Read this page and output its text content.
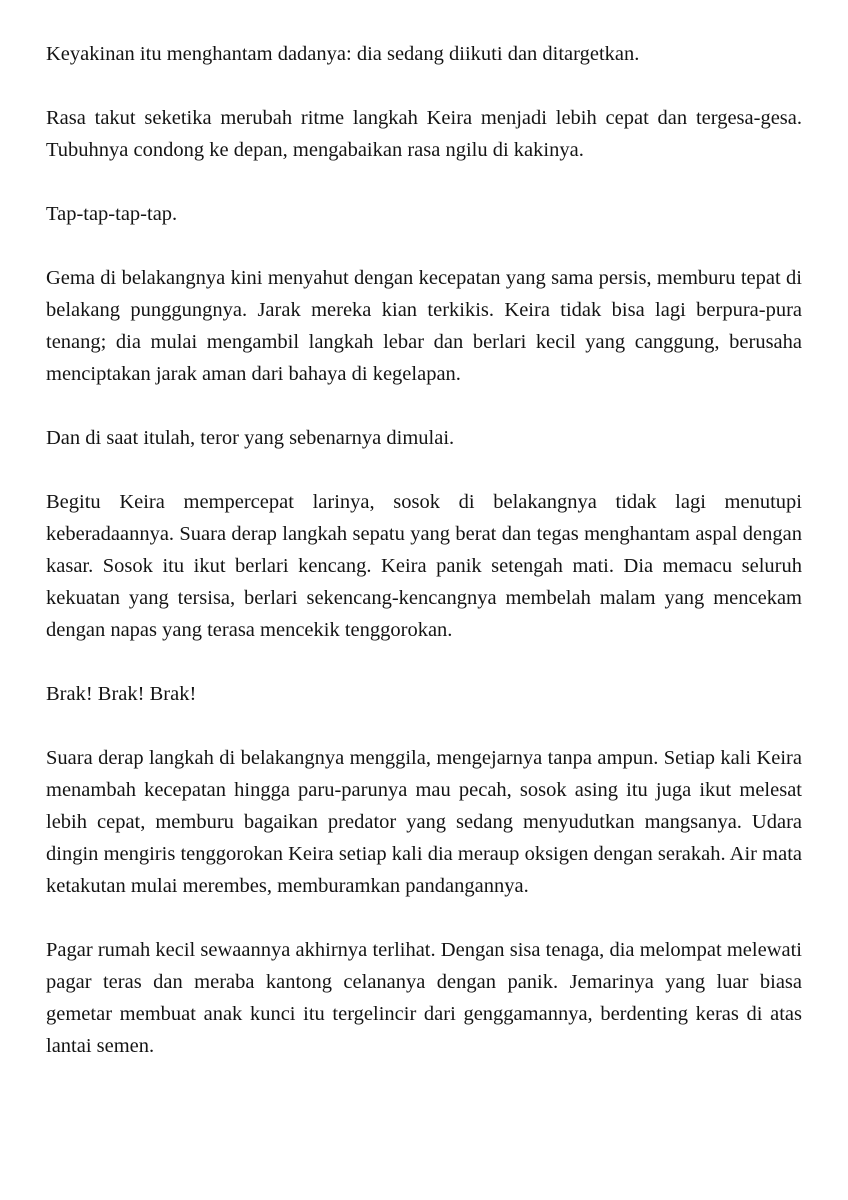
Keyakinan itu menghantam dadanya: dia sedang diikuti dan ditargetkan.

Rasa takut seketika merubah ritme langkah Keira menjadi lebih cepat dan tergesa-gesa. Tubuhnya condong ke depan, mengabaikan rasa ngilu di kakinya.

Tap-tap-tap-tap.

Gema di belakangnya kini menyahut dengan kecepatan yang sama persis, memburu tepat di belakang punggungnya. Jarak mereka kian terkikis. Keira tidak bisa lagi berpura-pura tenang; dia mulai mengambil langkah lebar dan berlari kecil yang canggung, berusaha menciptakan jarak aman dari bahaya di kegelapan.

Dan di saat itulah, teror yang sebenarnya dimulai.

Begitu Keira mempercepat larinya, sosok di belakangnya tidak lagi menutupi keberadaannya. Suara derap langkah sepatu yang berat dan tegas menghantam aspal dengan kasar. Sosok itu ikut berlari kencang. Keira panik setengah mati. Dia memacu seluruh kekuatan yang tersisa, berlari sekencang-kencangnya membelah malam yang mencekam dengan napas yang terasa mencekik tenggorokan.

Brak! Brak! Brak!

Suara derap langkah di belakangnya menggila, mengejarnya tanpa ampun. Setiap kali Keira menambah kecepatan hingga paru-parunya mau pecah, sosok asing itu juga ikut melesat lebih cepat, memburu bagaikan predator yang sedang menyudutkan mangsanya. Udara dingin mengiris tenggorokan Keira setiap kali dia meraup oksigen dengan serakah. Air mata ketakutan mulai merembes, memburamkan pandangannya.

Pagar rumah kecil sewaannya akhirnya terlihat. Dengan sisa tenaga, dia melompat melewati pagar teras dan meraba kantong celananya dengan panik. Jemarinya yang luar biasa gemetar membuat anak kunci itu tergelincir dari genggamannya, berdenting keras di atas lantai semen.
